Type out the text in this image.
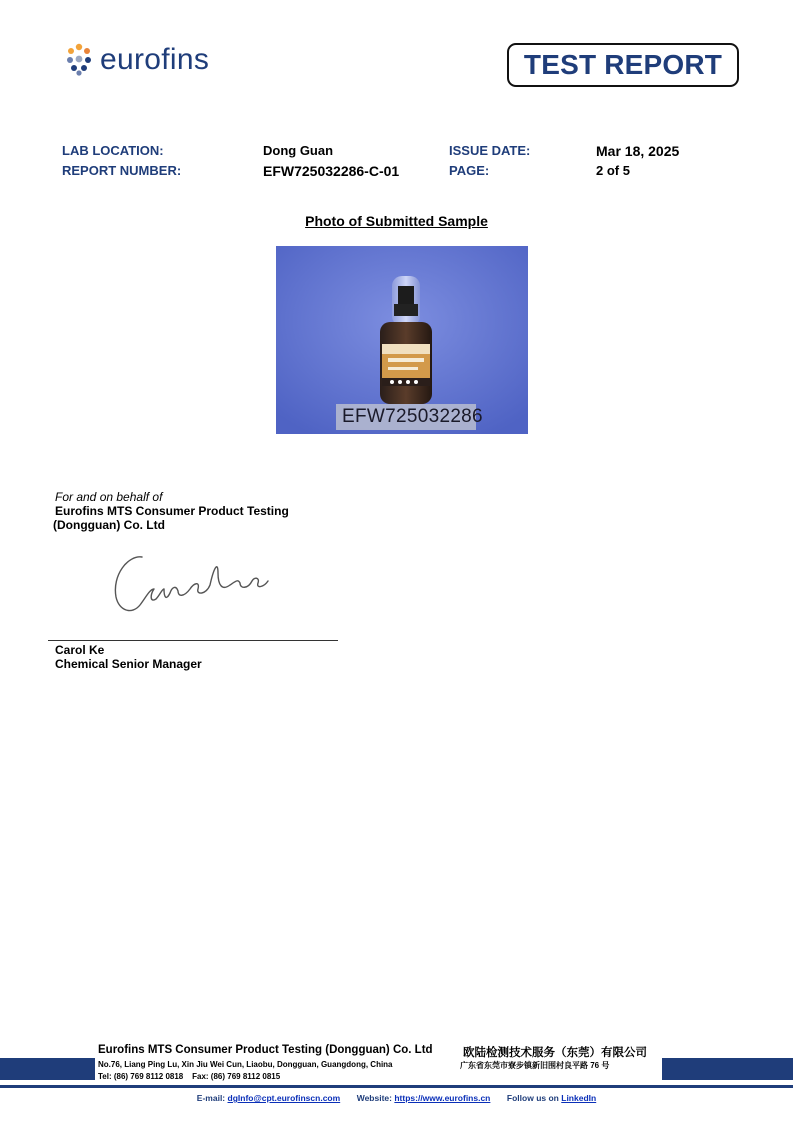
eurofins	TEST REPORT
LAB LOCATION:	Dong Guan	ISSUE DATE:	Mar 18, 2025
REPORT NUMBER:	EFW725032286-C-01	PAGE:	2 of 5
Photo of Submitted Sample
EFW725032286
For and on behalf of
Eurofins MTS Consumer Product Testing
(Dongguan) Co. Ltd
Carol Ke
Chemical Senior Manager
Eurofins MTS Consumer Product Testing (Dongguan) Co. Ltd	欧陆检测技术服务（东莞）有限公司
No.76, Liang Ping Lu, Xin Jiu Wei Cun, Liaobu, Dongguan, Guangdong, China	广东省东莞市寮步镇新旧围村良平路 76 号
Tel: (86) 769 8112 0818    Fax: (86) 769 8112 0815
E-mail: dgInfo@cpt.eurofinscn.com Website: https://www.eurofins.cn Follow us on LinkedIn
